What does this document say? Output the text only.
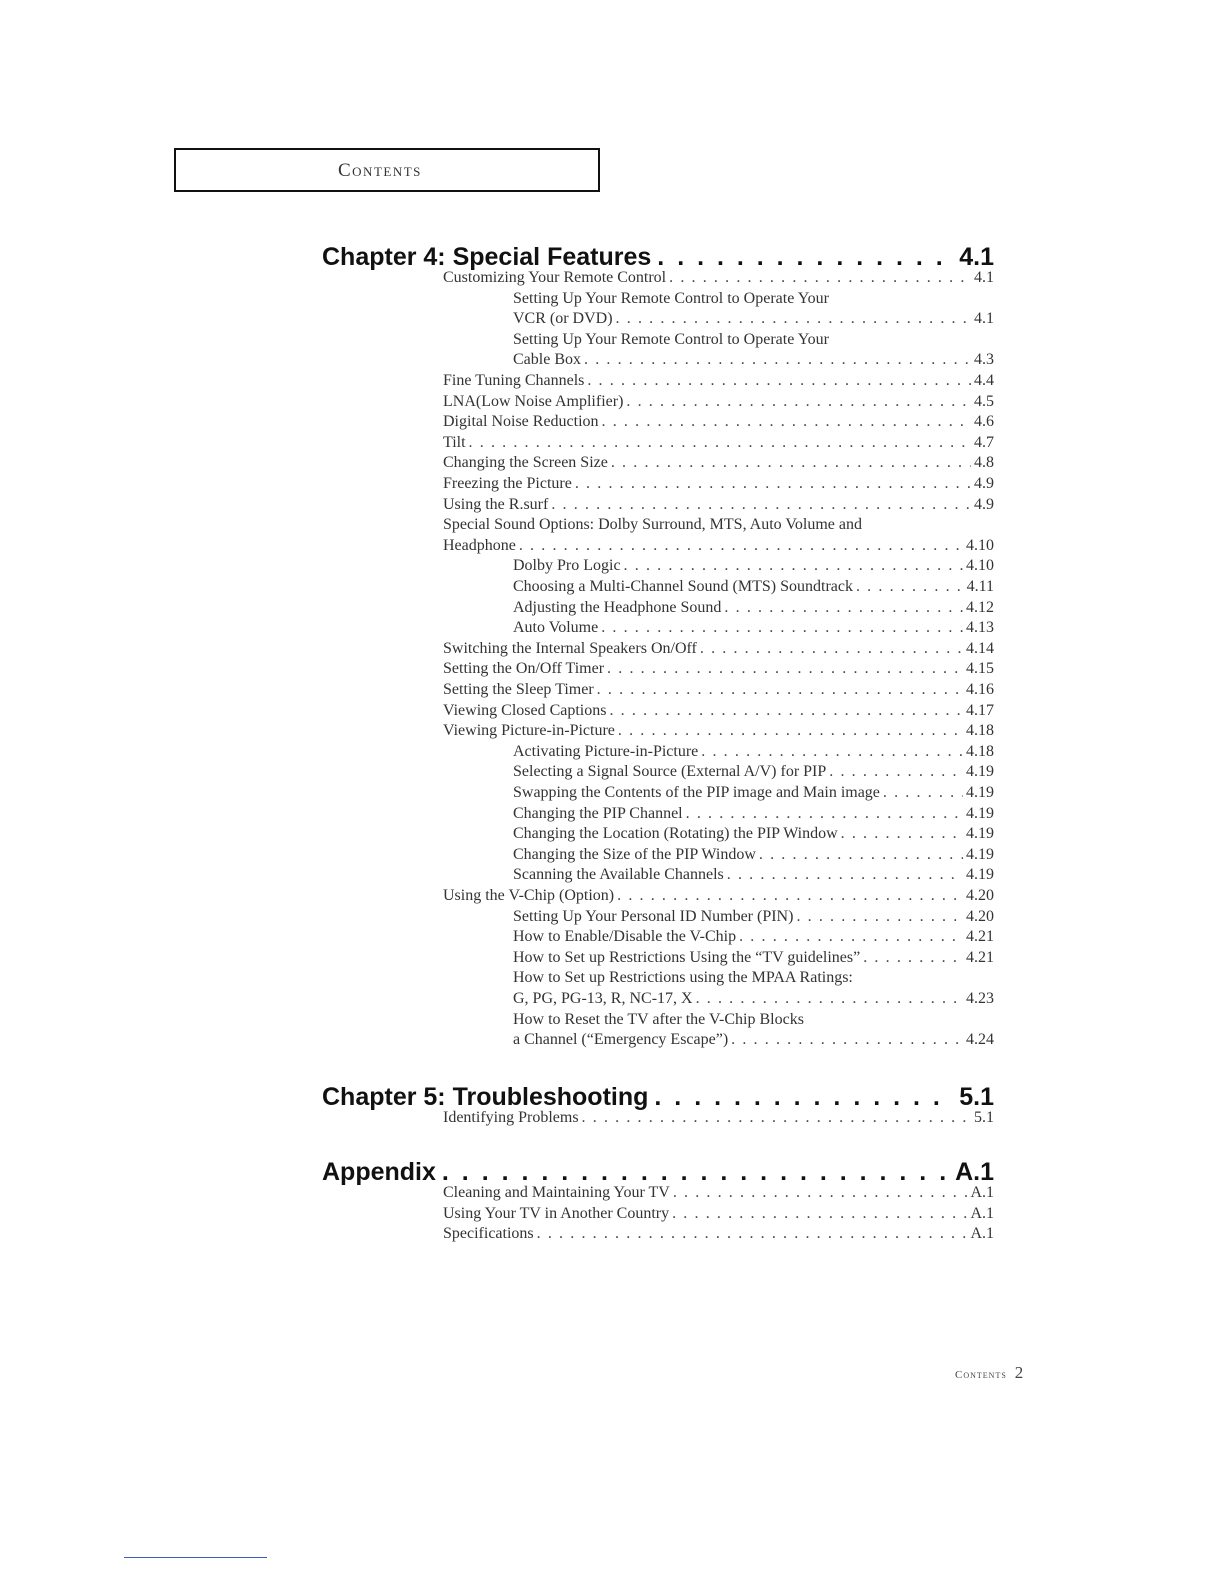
Contents
Chapter 4: Special Features . . .	4.1
Customizing Your Remote Control . . .	4.1
Setting Up Your Remote Control to Operate Your
VCR (or DVD) . . .	4.1
Setting Up Your Remote Control to Operate Your
Cable Box . . .	4.3
Fine Tuning Channels . . .	4.4
LNA(Low Noise Amplifier) . . .	4.5
Digital Noise Reduction . . .	4.6
Tilt . . .	4.7
Changing the Screen Size . . .	4.8
Freezing the Picture . . .	4.9
Using the R.surf . . .	4.9
Special Sound Options: Dolby Surround, MTS, Auto Volume and
Headphone . . .	4.10
Dolby Pro Logic . . .	4.10
Choosing a Multi-Channel Sound (MTS) Soundtrack . . .	4.11
Adjusting the Headphone Sound . . .	4.12
Auto Volume . . .	4.13
Switching the Internal Speakers On/Off . . .	4.14
Setting the On/Off Timer . . .	4.15
Setting the Sleep Timer . . .	4.16
Viewing Closed Captions . . .	4.17
Viewing Picture-in-Picture . . .	4.18
Activating Picture-in-Picture . . .	4.18
Selecting a Signal Source (External A/V) for PIP . . .	4.19
Swapping the Contents of the PIP image and Main image . . .	4.19
Changing the PIP Channel . . .	4.19
Changing the Location (Rotating) the PIP Window . . .	4.19
Changing the Size of the PIP Window . . .	4.19
Scanning the Available Channels . . .	4.19
Using the V-Chip (Option) . . .	4.20
Setting Up Your Personal ID Number (PIN) . . .	4.20
How to Enable/Disable the V-Chip . . .	4.21
How to Set up Restrictions Using the “TV guidelines” . . .	4.21
How to Set up Restrictions using the MPAA Ratings:
G, PG, PG-13, R, NC-17, X . . .	4.23
How to Reset the TV after the V-Chip Blocks
a Channel (“Emergency Escape”) . . .	4.24
Chapter 5: Troubleshooting . . .	5.1
Identifying Problems . . .	5.1
Appendix . . .	A.1
Cleaning and Maintaining Your TV . . .	A.1
Using Your TV in Another Country . . .	A.1
Specifications . . .	A.1
Contents 2
